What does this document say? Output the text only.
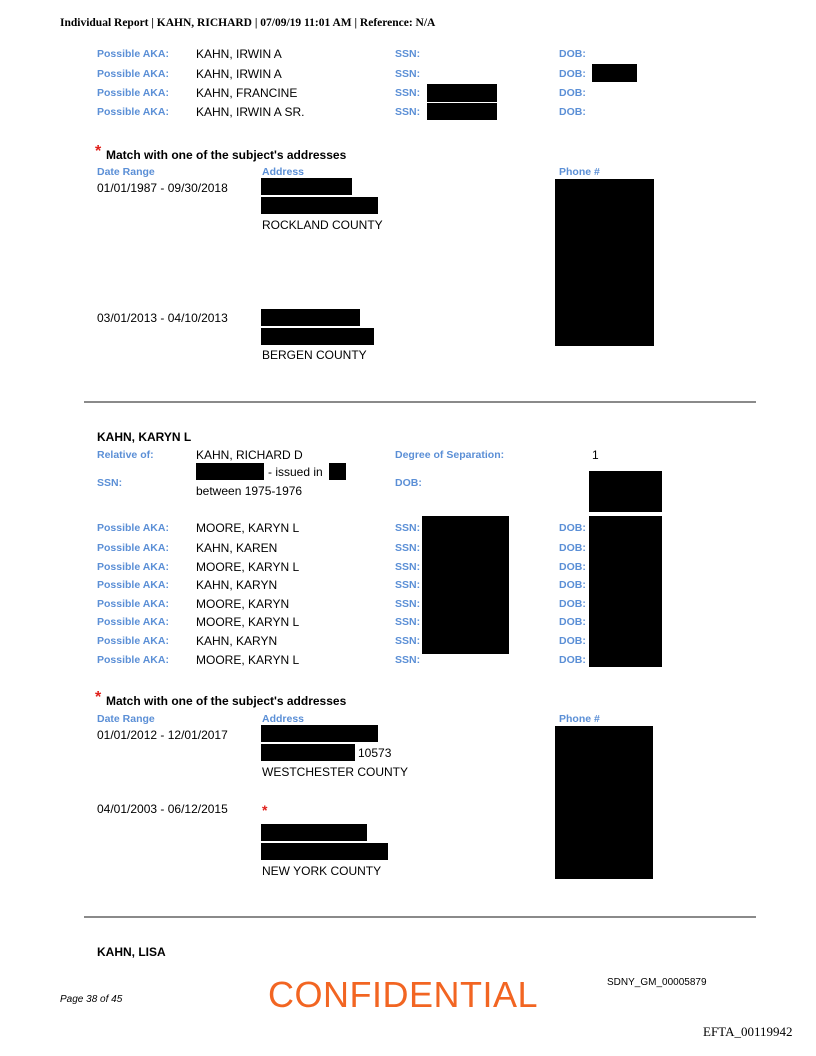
Individual Report | KAHN, RICHARD | 07/09/19 11:01 AM | Reference: N/A
Possible AKA: KAHN, IRWIN A	SSN:	DOB:
Possible AKA: KAHN, IRWIN A	SSN:	DOB:
Possible AKA: KAHN, FRANCINE	SSN:	DOB:
Possible AKA: KAHN, IRWIN A SR.	SSN:	DOB:
* Match with one of the subject's addresses
Date Range	Address	Phone #
01/01/1987 - 09/30/2018
ROCKLAND COUNTY
03/01/2013 - 04/10/2013
BERGEN COUNTY
KAHN, KARYN L
Relative of:	KAHN, RICHARD D	Degree of Separation:	1
SSN:
- issued in
between 1975-1976
DOB:
Possible AKA: MOORE, KARYN L	SSN:	DOB:
Possible AKA: KAHN, KAREN	SSN:	DOB:
Possible AKA: MOORE, KARYN L	SSN:	DOB:
Possible AKA: KAHN, KARYN	SSN:	DOB:
Possible AKA: MOORE, KARYN	SSN:	DOB:
Possible AKA: MOORE, KARYN L	SSN:	DOB:
Possible AKA: KAHN, KARYN	SSN:	DOB:
Possible AKA: MOORE, KARYN L	SSN:	DOB:
* Match with one of the subject's addresses
Date Range	Address	Phone #
01/01/2012 - 12/01/2017
10573
WESTCHESTER COUNTY
04/01/2003 - 06/12/2015 *
NEW YORK COUNTY
KAHN, LISA
Page 38 of 45	CONFIDENTIAL	SDNY_GM_00005879
EFTA_00119942
